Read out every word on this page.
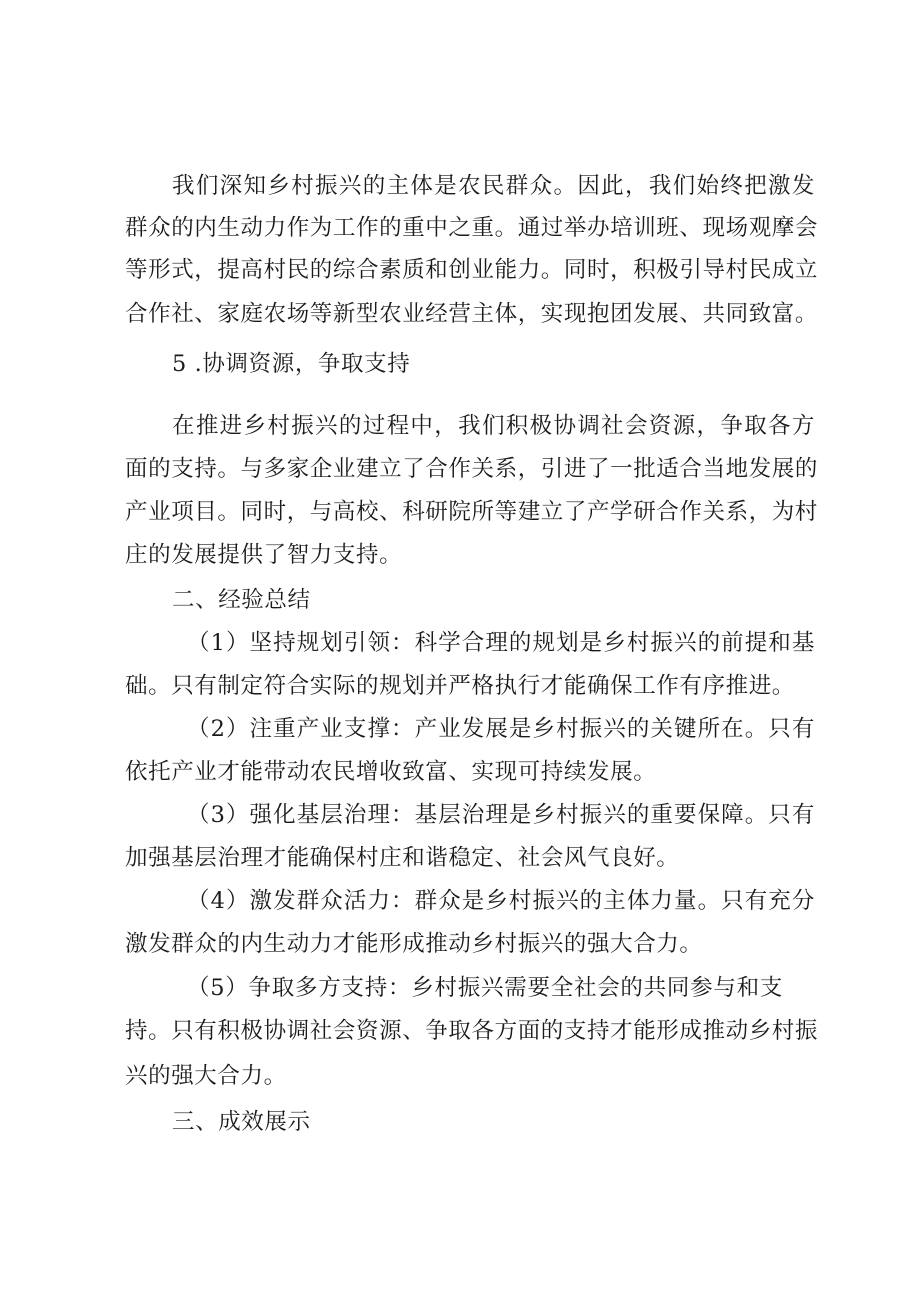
我们深知乡村振兴的主体是农民群众。因此，我们始终把激发
群众的内生动力作为工作的重中之重。通过举办培训班、现场观摩会
等形式，提高村民的综合素质和创业能力。同时，积极引导村民成立
合作社、家庭农场等新型农业经营主体，实现抱团发展、共同致富。
5 .协调资源，争取支持
在推进乡村振兴的过程中，我们积极协调社会资源，争取各方
面的支持。与多家企业建立了合作关系，引进了一批适合当地发展的
产业项目。同时，与高校、科研院所等建立了产学研合作关系，为村
庄的发展提供了智力支持。
二、经验总结
（1）坚持规划引领：科学合理的规划是乡村振兴的前提和基
础。只有制定符合实际的规划并严格执行才能确保工作有序推进。
（2）注重产业支撑：产业发展是乡村振兴的关键所在。只有
依托产业才能带动农民增收致富、实现可持续发展。
（3）强化基层治理：基层治理是乡村振兴的重要保障。只有
加强基层治理才能确保村庄和谐稳定、社会风气良好。
（4）激发群众活力：群众是乡村振兴的主体力量。只有充分
激发群众的内生动力才能形成推动乡村振兴的强大合力。
（5）争取多方支持：乡村振兴需要全社会的共同参与和支
持。只有积极协调社会资源、争取各方面的支持才能形成推动乡村振
兴的强大合力。
三、成效展示
